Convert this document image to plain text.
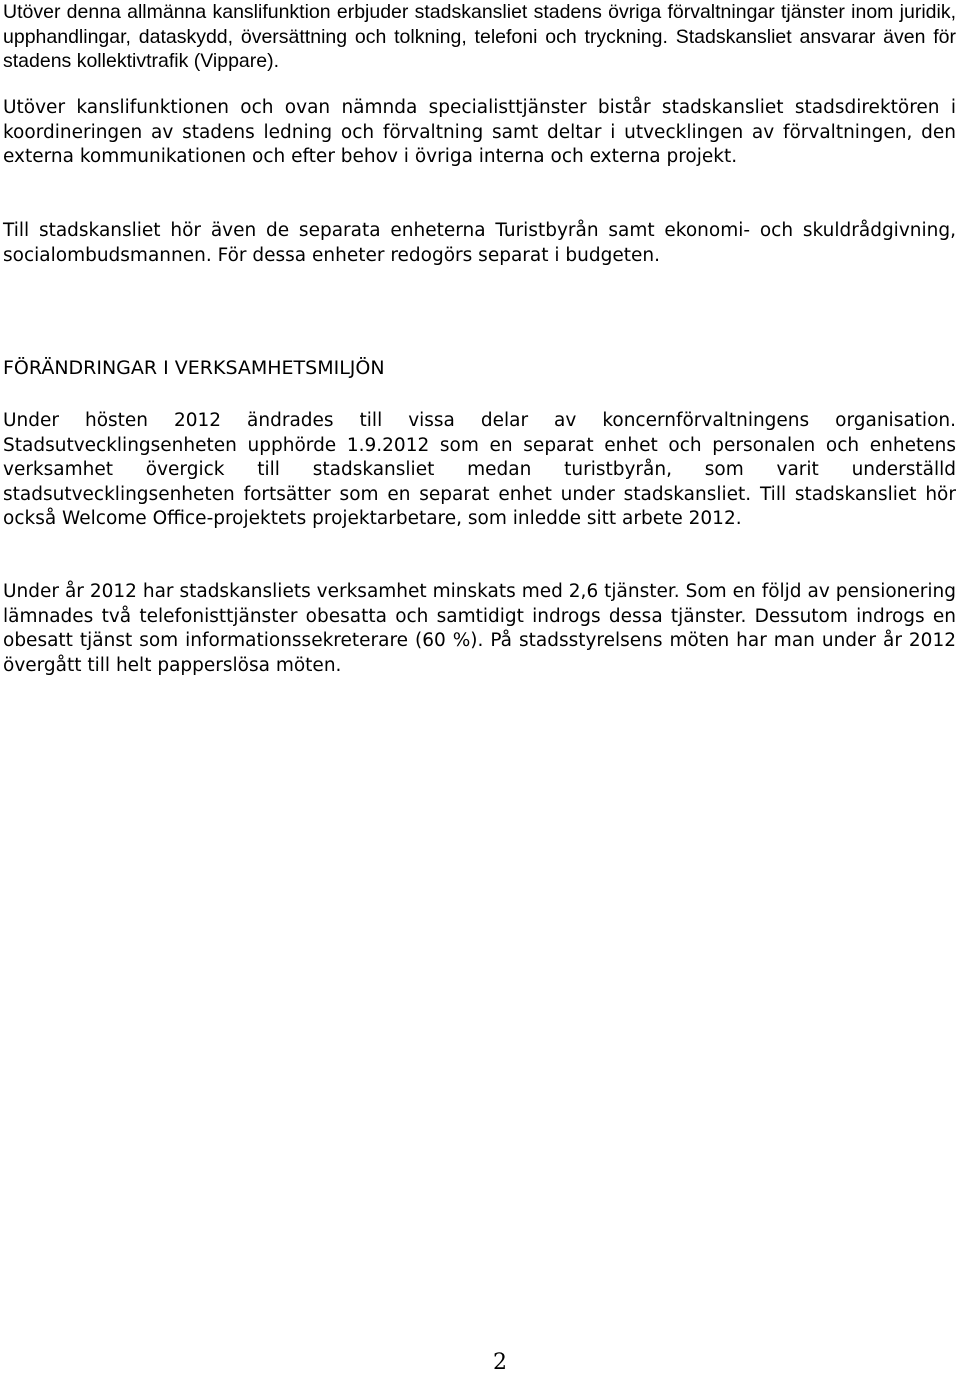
Utöver denna allmänna kanslifunktion erbjuder stadskansliet stadens övriga förvaltningar tjänster inom juridik, upphandlingar, dataskydd, översättning och tolkning, telefoni och tryckning. Stadskansliet ansvarar även för stadens kollektivtrafik (Vippare).

Utöver kanslifunktionen och ovan nämnda specialisttjänster bistår stadskansliet stadsdirektören i koordineringen av stadens ledning och förvaltning samt deltar i utvecklingen av förvaltningen, den externa kommunikationen och efter behov i övriga interna och externa projekt.

Till stadskansliet hör även de separata enheterna Turistbyrån samt ekonomi- och skuldrådgivning, socialombudsmannen. För dessa enheter redogörs separat i budgeten.

FÖRÄNDRINGAR I VERKSAMHETSMILJÖN

Under hösten 2012 ändrades till vissa delar av koncernförvaltningens organisation. Stadsutvecklingsenheten upphörde 1.9.2012 som en separat enhet och personalen och enhetens verksamhet övergick till stadskansliet medan turistbyrån, som varit underställd stadsutvecklingsenheten fortsätter som en separat enhet under stadskansliet. Till stadskansliet hör också Welcome Office-projektets projektarbetare, som inledde sitt arbete 2012.

Under år 2012 har stadskansliets verksamhet minskats med 2,6 tjänster. Som en följd av pensionering lämnades två telefonisttjänster obesatta och samtidigt indrogs dessa tjänster. Dessutom indrogs en obesatt tjänst som informationssekreterare (60 %). På stadsstyrelsens möten har man under år 2012 övergått till helt papperslösa möten.

2
